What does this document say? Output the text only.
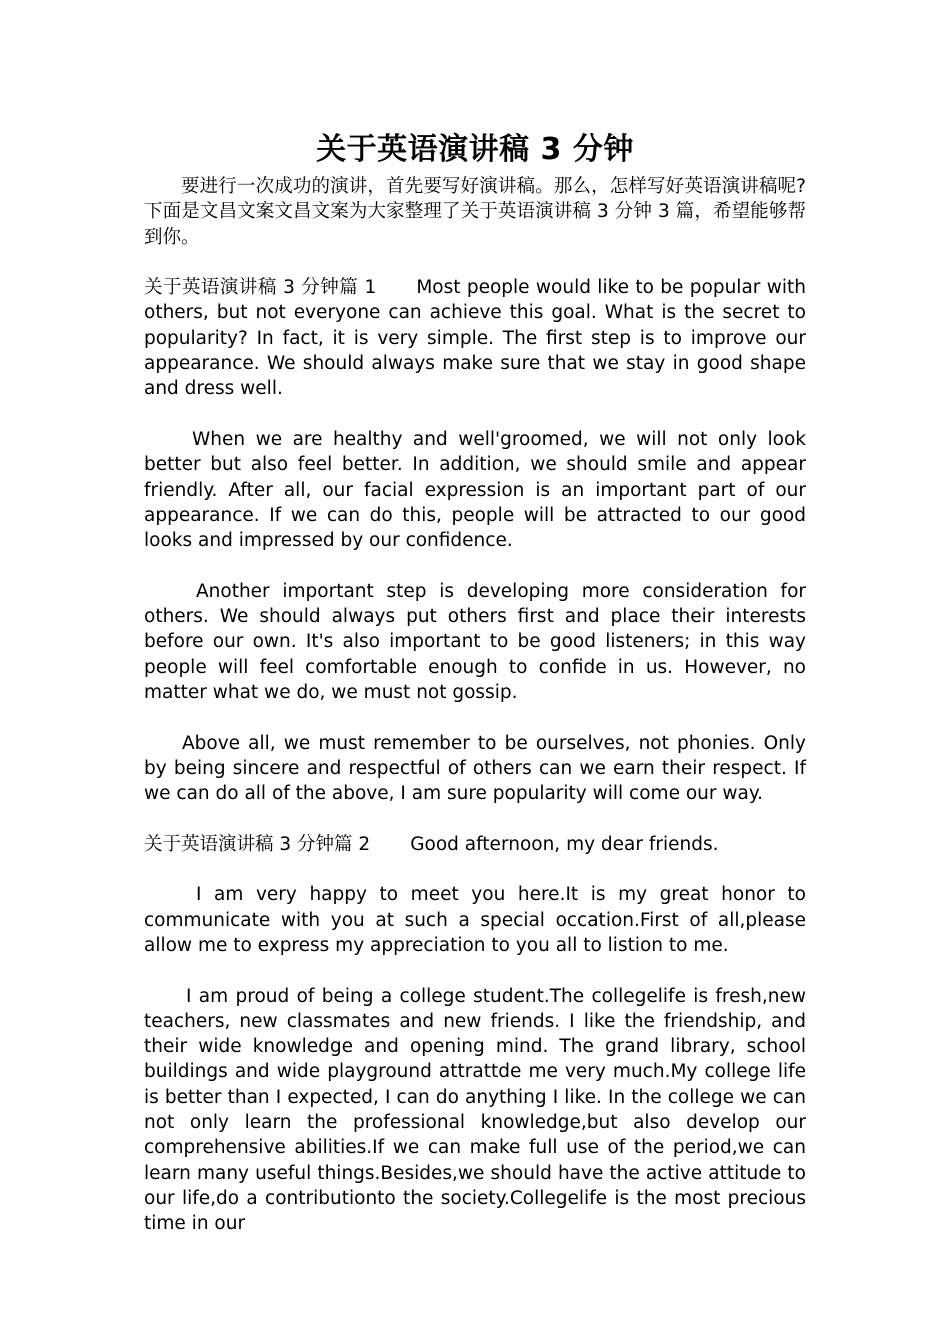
关于英语演讲稿 3 分钟

要进行一次成功的演讲，首先要写好演讲稿。那么，怎样写好英语演讲稿呢?下面是文昌文案文昌文案为大家整理了关于英语演讲稿 3 分钟 3 篇，希望能够帮到你。

关于英语演讲稿 3 分钟篇 1 Most people would like to be popular with others, but not everyone can achieve this goal. What is the secret to popularity? In fact, it is very simple. The first step is to improve our appearance. We should always make sure that we stay in good shape and dress well.

When we are healthy and well'groomed, we will not only look better but also feel better. In addition, we should smile and appear friendly. After all, our facial expression is an important part of our appearance. If we can do this, people will be attracted to our good looks and impressed by our confidence.

Another important step is developing more consideration for others. We should always put others first and place their interests before our own. It's also important to be good listeners; in this way people will feel comfortable enough to confide in us. However, no matter what we do, we must not gossip.

Above all, we must remember to be ourselves, not phonies. Only by being sincere and respectful of others can we earn their respect. If we can do all of the above, I am sure popularity will come our way.

关于英语演讲稿 3 分钟篇 2 Good afternoon, my dear friends.

I am very happy to meet you here.It is my great honor to communicate with you at such a special occation.First of all,please allow me to express my appreciation to you all to listion to me.

I am proud of being a college student.The collegelife is fresh,new teachers, new classmates and new friends. I like the friendship, and their wide knowledge and opening mind. The grand library, school buildings and wide playground attrattde me very much.My college life is better than I expected, I can do anything I like. In the college we can not only learn the professional knowledge,but also develop our comprehensive abilities.If we can make full use of the period,we can learn many useful things.Besides,we should have the active attitude to our life,do a contributionto the society.Collegelife is the most precious time in our
